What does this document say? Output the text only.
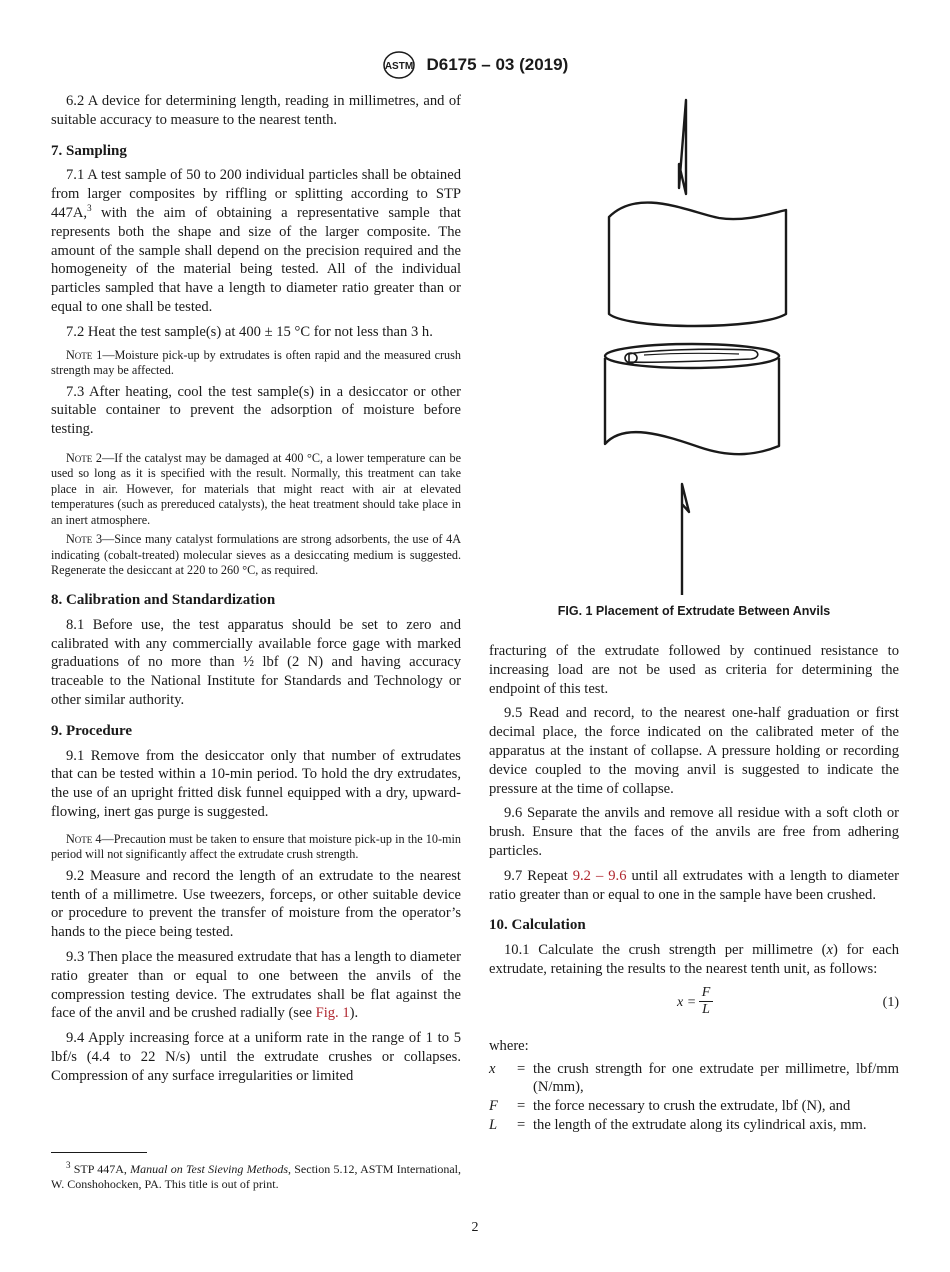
ASTM D6175 – 03 (2019)

6.2 A device for determining length, reading in millimetres, and of suitable accuracy to measure to the nearest tenth.

7. Sampling

7.1 A test sample of 50 to 200 individual particles shall be obtained from larger composites by riffling or splitting according to STP 447A,$^3$ with the aim of obtaining a representative sample that represents both the shape and size of the larger composite. The amount of the sample shall depend on the precision required and the homogeneity of the material being tested. All of the individual particles sampled that have a length to diameter ratio greater than or equal to one shall be tested.

7.2 Heat the test sample(s) at 400 ± 15 °C for not less than 3 h.

Note 1—Moisture pick-up by extrudates is often rapid and the measured crush strength may be affected.

7.3 After heating, cool the test sample(s) in a desiccator or other suitable container to prevent the adsorption of moisture before testing.

Note 2—If the catalyst may be damaged at 400 °C, a lower temperature can be used so long as it is specified with the result. Normally, this treatment can take place in air. However, for materials that might react with air at elevated temperatures (such as prereduced catalysts), the heat treatment should take place in an inert atmosphere.
Note 3—Since many catalyst formulations are strong adsorbents, the use of 4A indicating (cobalt-treated) molecular sieves as a desiccating medium is suggested. Regenerate the desiccant at 220 to 260 °C, as required.
8. Calibration and Standardization

8.1 Before use, the test apparatus should be set to zero and calibrated with any commercially available force gage with marked graduations of no more than ½ lbf (2 N) and having accuracy traceable to the National Institute for Standards and Technology or other similar authority.

9. Procedure

9.1 Remove from the desiccator only that number of extrudates that can be tested within a 10-min period. To hold the dry extrudates, the use of an upright fritted disk funnel equipped with a dry, upward-flowing, inert gas purge is suggested.

Note 4—Precaution must be taken to ensure that moisture pick-up in the 10-min period will not significantly affect the extrudate crush strength.

9.2 Measure and record the length of an extrudate to the nearest tenth of a millimetre. Use tweezers, forceps, or other suitable device or procedure to prevent the transfer of moisture from the operator’s hands to the piece being tested.

9.3 Then place the measured extrudate that has a length to diameter ratio greater than or equal to one between the anvils of the compression testing device. The extrudates shall be flat against the face of the anvil and be crushed radially (see Fig. 1).

9.4 Apply increasing force at a uniform rate in the range of 1 to 5 lbf/s (4.4 to 22 N/s) until the extrudate crushes or collapses. Compression of any surface irregularities or limited

$^3$ STP 447A, Manual on Test Sieving Methods, Section 5.12, ASTM International, W. Conshohocken, PA. This title is out of print.
FIG. 1 Placement of Extrudate Between Anvils

fracturing of the extrudate followed by continued resistance to increasing load are not be used as criteria for determining the endpoint of this test.

9.5 Read and record, to the nearest one-half graduation or first decimal place, the force indicated on the calibrated meter of the apparatus at the instant of collapse. A pressure holding or recording device coupled to the moving anvil is suggested to indicate the pressure at the time of collapse.

9.6 Separate the anvils and remove all residue with a soft cloth or brush. Ensure that the faces of the anvils are free from adhering particles.

9.7 Repeat 9.2 – 9.6 until all extrudates with a length to diameter ratio greater than or equal to one in the sample have been crushed.

10. Calculation

10.1 Calculate the crush strength per millimetre (x) for each extrudate, retaining the results to the nearest tenth unit, as follows:

x =
F
L	(1)
where:
x	= the crush strength for one extrudate per millimetre, lbf/mm (N/mm),
F	= the force necessary to crush the extrudate, lbf (N), and
L	= the length of the extrudate along its cylindrical axis, mm.
2
